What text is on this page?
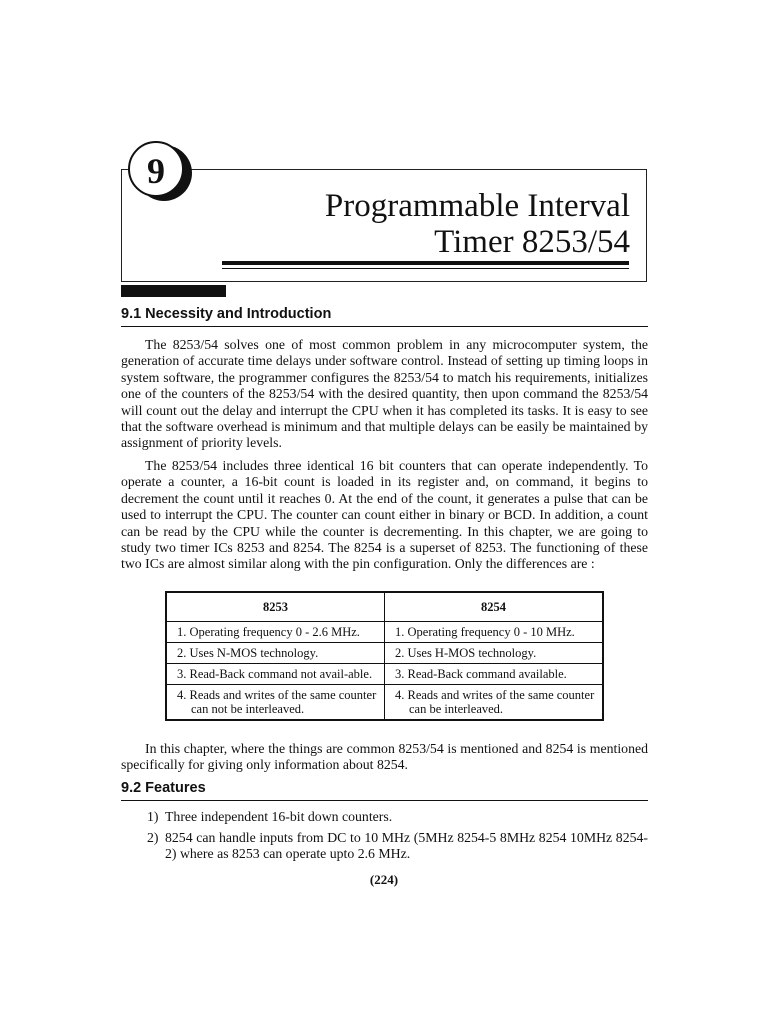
9
Programmable Interval
Timer 8253/54
9.1 Necessity and Introduction

The 8253/54 solves one of most common problem in any microcomputer system, the generation of accurate time delays under software control. Instead of setting up timing loops in system software, the programmer configures the 8253/54 to match his requirements, initializes one of the counters of the 8253/54 with the desired quantity, then upon command the 8253/54 will count out the delay and interrupt the CPU when it has completed its tasks. It is easy to see that the software overhead is minimum and that multiple delays can be easily be maintained by assignment of priority levels.

The 8253/54 includes three identical 16 bit counters that can operate independently. To operate a counter, a 16-bit count is loaded in its register and, on command, it begins to decrement the count until it reaches 0. At the end of the count, it generates a pulse that can be used to interrupt the CPU. The counter can count either in binary or BCD. In addition, a count can be read by the CPU while the counter is decrementing. In this chapter, we are going to study two timer ICs 8253 and 8254. The 8254 is a superset of 8253. The functioning of these two ICs are almost similar along with the pin configuration. Only the differences are :

8253	8254

1. Operating frequency 0 - 2.6 MHz.	1. Operating frequency 0 - 10 MHz.

2. Uses N-MOS technology.	2. Uses H-MOS technology.

3. Read-Back command not avail-able.	3. Read-Back command available.

4. Reads and writes of the same counter can not be interleaved.	4. Reads and writes of the same counter can be interleaved.

In this chapter, where the things are common 8253/54 is mentioned and 8254 is mentioned specifically for giving only information about 8254.

9.2 Features
1) Three independent 16-bit down counters.
2) 8254 can handle inputs from DC to 10 MHz (5MHz 8254-5 8MHz 8254 10MHz 8254-2) where as 8253 can operate upto 2.6 MHz.
(224)
